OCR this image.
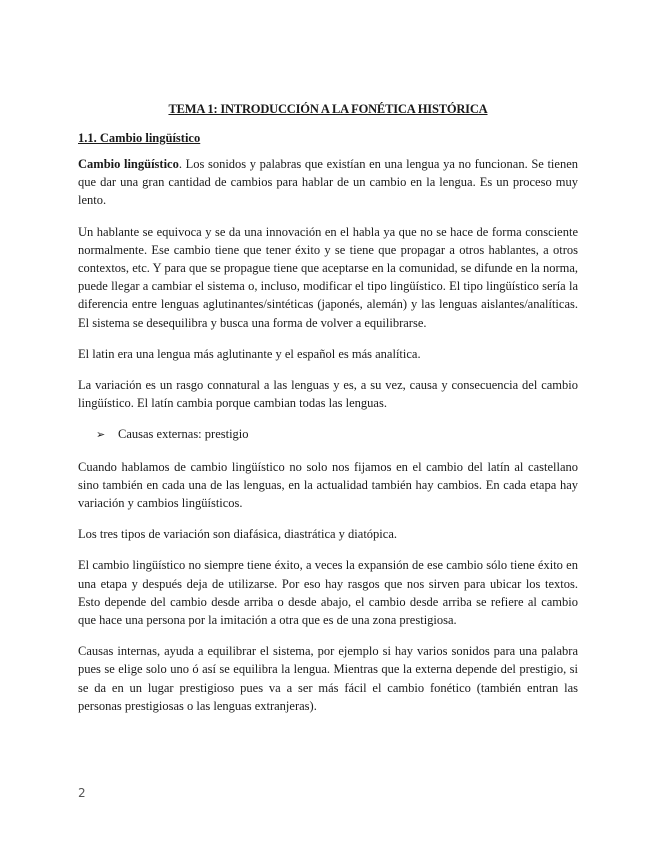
TEMA 1: INTRODUCCIÓN A LA FONÉTICA HISTÓRICA
1.1. Cambio lingüístico

Cambio lingüístico. Los sonidos y palabras que existían en una lengua ya no funcionan. Se tienen que dar una gran cantidad de cambios para hablar de un cambio en la lengua. Es un proceso muy lento.

Un hablante se equivoca y se da una innovación en el habla ya que no se hace de forma consciente normalmente. Ese cambio tiene que tener éxito y se tiene que propagar a otros hablantes, a otros contextos, etc. Y para que se propague tiene que aceptarse en la comunidad, se difunde en la norma, puede llegar a cambiar el sistema o, incluso, modificar el tipo lingüístico. El tipo lingüístico sería la diferencia entre lenguas aglutinantes/sintéticas (japonés, alemán) y las lenguas aislantes/analíticas. El sistema se desequilibra y busca una forma de volver a equilibrarse.

El latin era una lengua más aglutinante y el español es más analítica.

La variación es un rasgo connatural a las lenguas y es, a su vez, causa y consecuencia del cambio lingüístico. El latín cambia porque cambian todas las lenguas.

➢	Causas externas: prestigio

Cuando hablamos de cambio lingüístico no solo nos fijamos en el cambio del latín al castellano sino también en cada una de las lenguas, en la actualidad también hay cambios. En cada etapa hay variación y cambios lingüísticos.

Los tres tipos de variación son diafásica, diastrática y diatópica.

El cambio lingüístico no siempre tiene éxito, a veces la expansión de ese cambio sólo tiene éxito en una etapa y después deja de utilizarse. Por eso hay rasgos que nos sirven para ubicar los textos. Esto depende del cambio desde arriba o desde abajo, el cambio desde arriba se refiere al cambio que hace una persona por la imitación a otra que es de una zona prestigiosa.

Causas internas, ayuda a equilibrar el sistema, por ejemplo si hay varios sonidos para una palabra pues se elige solo uno ó así se equilibra la lengua. Mientras que la externa depende del prestigio, si se da en un lugar prestigioso pues va a ser más fácil el cambio fonético (también entran las personas prestigiosas o las lenguas extranjeras).

2
